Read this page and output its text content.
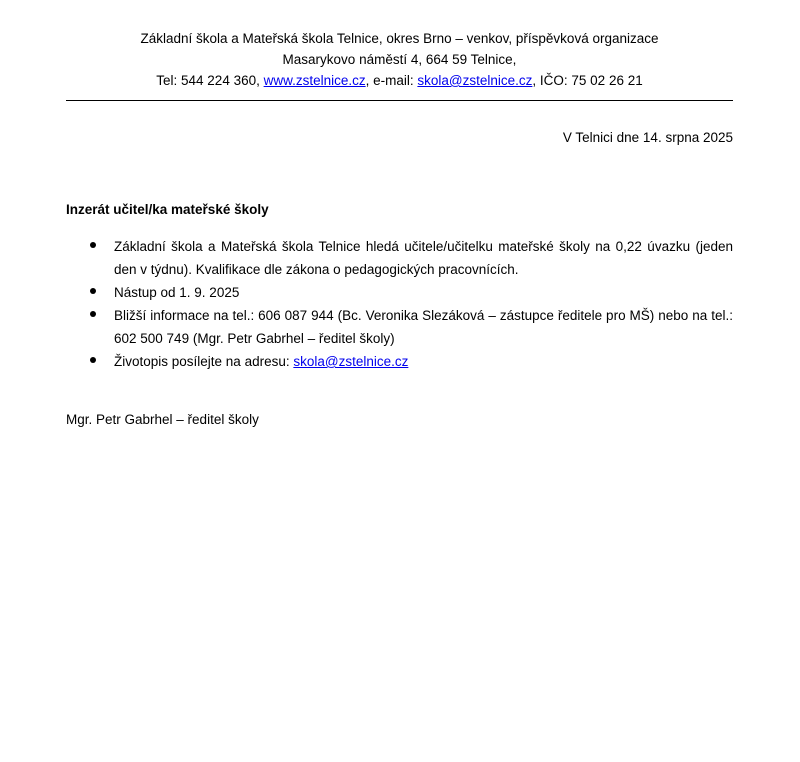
Základní škola a Mateřská škola Telnice, okres Brno – venkov, příspěvková organizace
Masarykovo náměstí 4, 664 59 Telnice,
Tel: 544 224 360, www.zstelnice.cz, e-mail: skola@zstelnice.cz, IČO: 75 02 26 21
V Telnici dne 14. srpna 2025
Inzerát učitel/ka mateřské školy
Základní škola a Mateřská škola Telnice hledá učitele/učitelku mateřské školy na 0,22 úvazku (jeden den v týdnu). Kvalifikace dle zákona o pedagogických pracovnících.
Nástup od 1. 9. 2025
Bližší informace na tel.: 606 087 944 (Bc. Veronika Slezáková – zástupce ředitele pro MŠ) nebo na tel.: 602 500 749 (Mgr. Petr Gabrhel – ředitel školy)
Životopis posílejte na adresu: skola@zstelnice.cz
Mgr. Petr Gabrhel – ředitel školy
